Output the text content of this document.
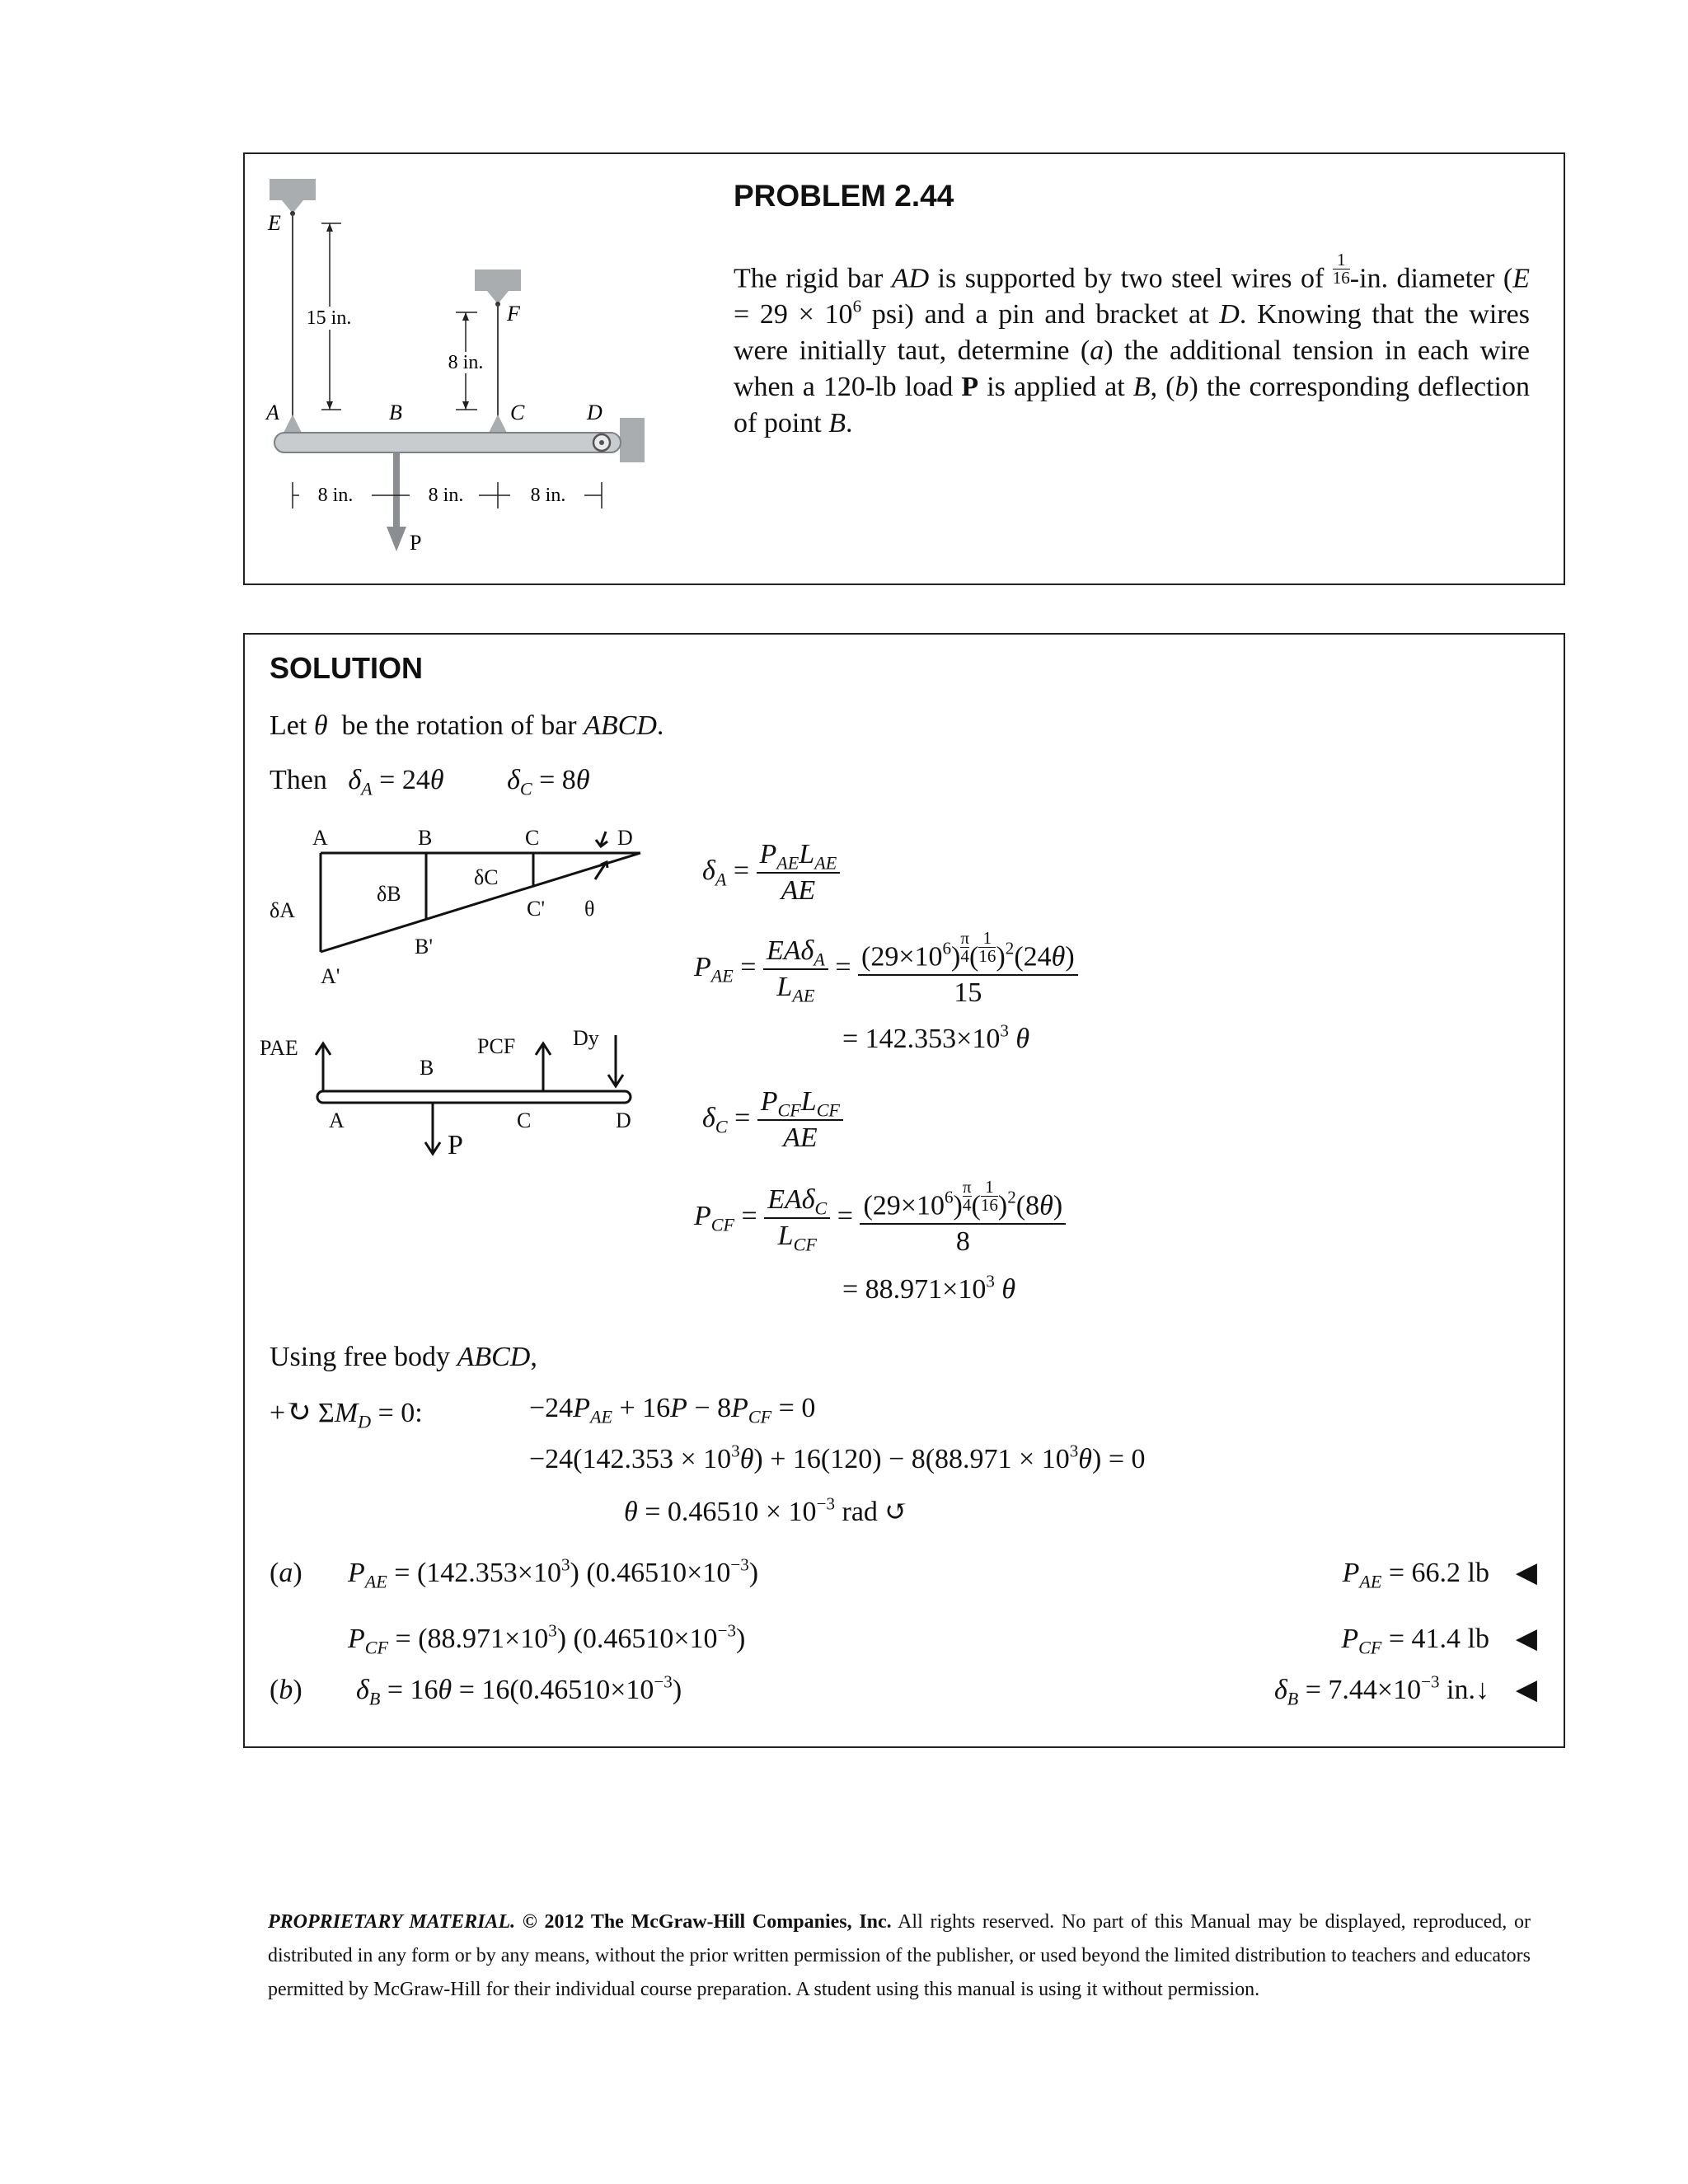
15 in.
8 in.
E
F
A	B	C	D
P
8 in.	8 in.	8 in.
PROBLEM 2.44
The rigid bar AD is supported by two steel wires of $\frac{1}{16} -in$. diameter ($E = 29 \times 10^6$ psi) and a pin and bracket at D. Knowing that the wires were initially taut, determine (a) the additional tension in each wire when a 120-lb load P is applied at B, (b) the corresponding deflection of point B.
SOLUTION
Let θ  be the rotation of bar ABCD.
Then   $\delta_A = 24\theta$ $\delta_C = 8\theta$
A	B	C	D
δA
δB
δC
C' θ
B'
A'
PAE	PCF	Dy
B
A	C	D
P
$\delta_A = \frac{P_{AE}L_{AE}}{AE}$
$P_{AE} = \frac{EA\delta_A}{L_{AE}} = \frac{(29\times 10^6) \frac{\pi}{4} ( \frac{1}{16} )^2(24\theta)}{15}$
= $142.353\times 10^3$ θ
$\delta_C = \frac{P_{CF}L_{CF}}{AE}$
$P_{CF} = \frac{EA\delta_C}{L_{CF}} = \frac{(29\times 10^6) \frac{\pi}{4} ( \frac{1}{16} )^2(8\theta)}{8}$
= $88.971\times 10^3$ θ
Using free body ABCD,
+↻ $\Sigma M_D = 0$:	$-24P_{AE} + 16P - 8P_{CF} = 0$
$-24(142.353 \times 10^3\theta) + 16(120) - 8(88.971 \times 10^3\theta) = 0$
$\theta = 0.46510 \times 10^{-3}$ rad ↺
(a) $P_{AE} = (142.353\times 10^3)$ $(0.46510\times 10^{-3})$	$P_{AE} = 66.2$ lb ◀
$P_{CF} = (88.971\times 10^3)$ $(0.46510\times 10^{-3})$	$P_{CF} = 41.4$ lb ◀
(b) $\delta_B = 16\theta = 16(0.46510\times 10^{-3})$	$\delta_B = 7.44\times 10^{-3}$ in.↓ ◀
PROPRIETARY MATERIAL. © 2012 The McGraw-Hill Companies, Inc. All rights reserved. No part of this Manual may be displayed, reproduced, or distributed in any form or by any means, without the prior written permission of the publisher, or used beyond the limited distribution to teachers and educators permitted by McGraw-Hill for their individual course preparation. A student using this manual is using it without permission.
